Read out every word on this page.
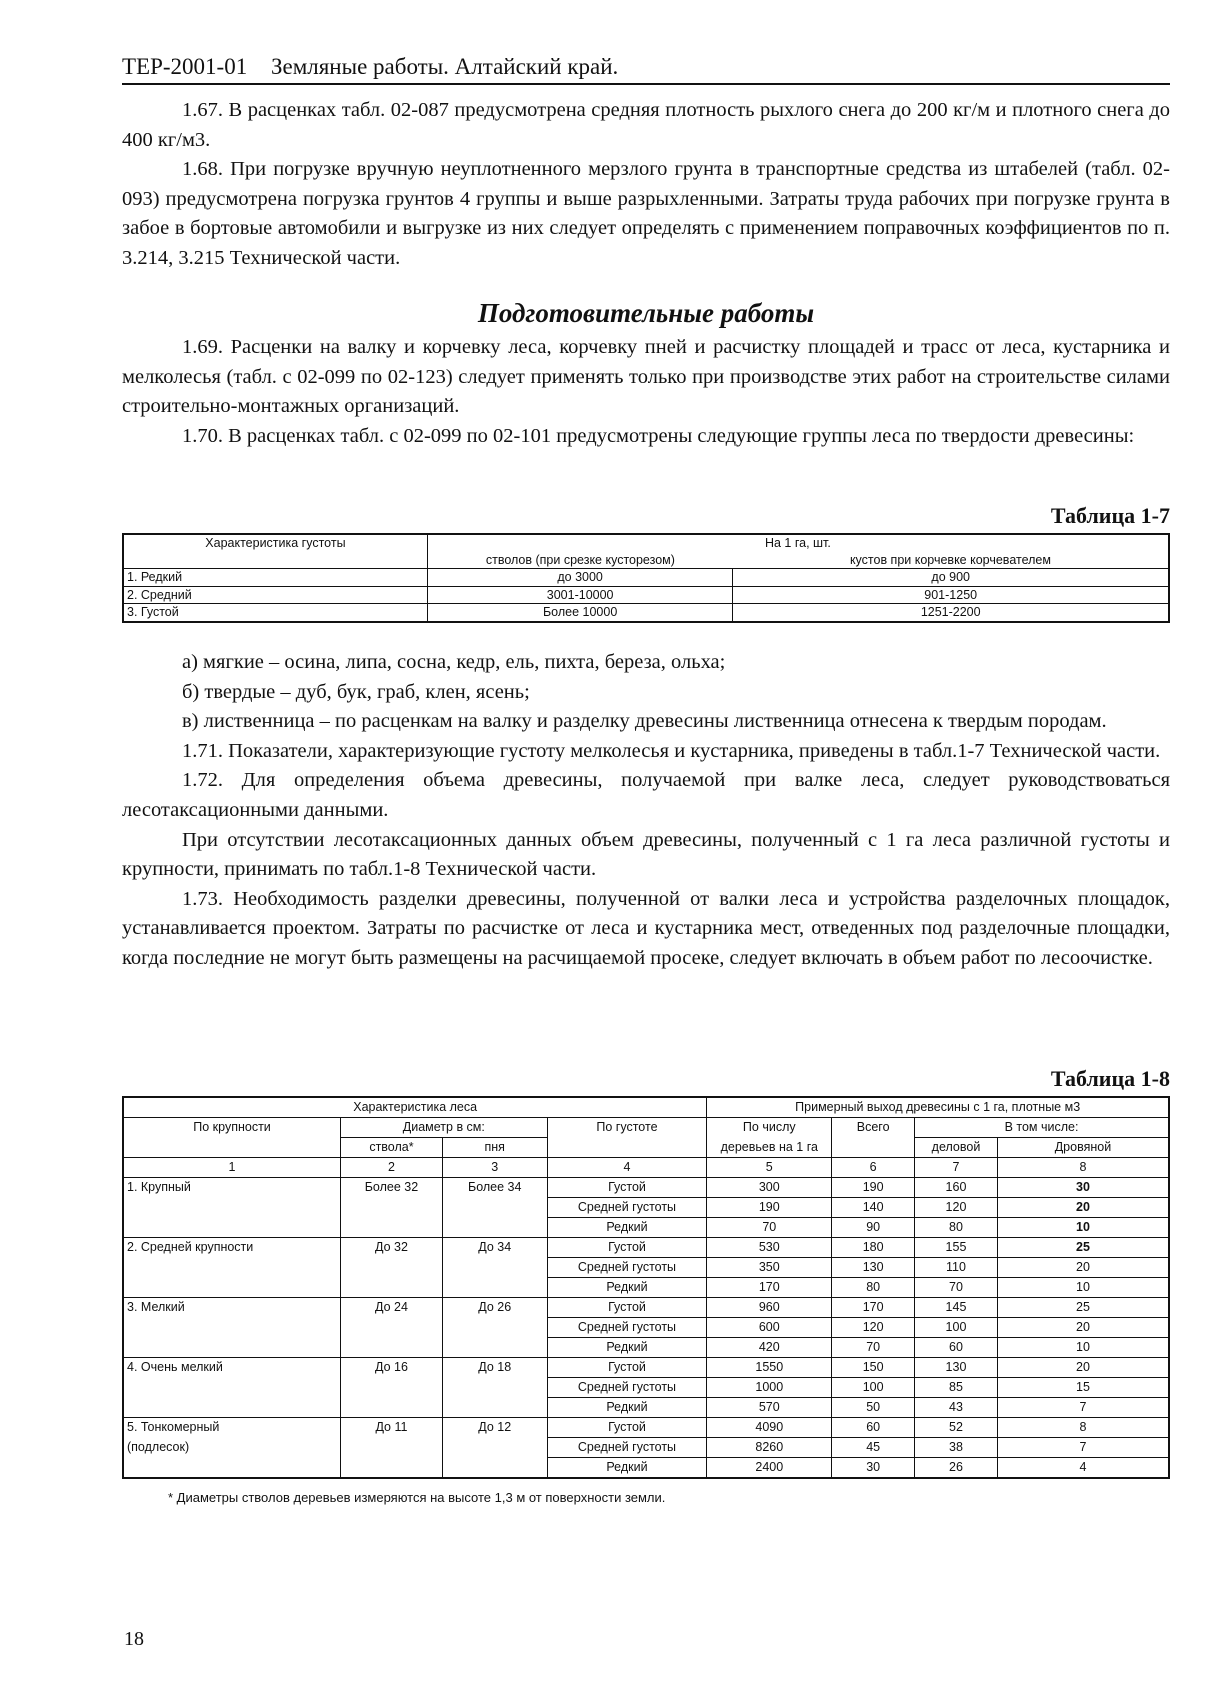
ТЕР-2001-01 Земляные работы. Алтайский край.

1.67. В расценках табл. 02-087 предусмотрена средняя плотность рыхлого снега до 200 кг/м и плотного снега до 400 кг/м3.

1.68. При погрузке вручную неуплотненного мерзлого грунта в транспортные средства из штабелей (табл. 02-093) предусмотрена погрузка грунтов 4 группы и выше разрыхленными. Затраты труда рабочих при погрузке грунта в забое в бортовые автомобили и выгрузке из них следует определять с применением поправочных коэффициентов по п. 3.214, 3.215 Технической части.

Подготовительные работы

1.69. Расценки на валку и корчевку леса, корчевку пней и расчистку площадей и трасс от леса, кустарника и мелколесья (табл. с 02-099 по 02-123) следует применять только при производстве этих работ на строительстве силами строительно-монтажных организаций.

1.70. В расценках табл. с 02-099 по 02-101 предусмотрены следующие группы леса по твердости древесины:

Таблица 1-7
Характеристика густоты	На 1 га, шт.	
	стволов (при срезке кусторезом)	кустов при корчевке корчевателем
1. Редкий	до 3000	до 900
2. Средний	3001-10000	901-1250
3. Густой	Более 10000	1251-2200

а) мягкие – осина, липа, сосна, кедр, ель, пихта, береза, ольха;

б) твердые – дуб, бук, граб, клен, ясень;

в) лиственница – по расценкам на валку и разделку древесины лиственница отнесена к твердым породам.

1.71. Показатели, характеризующие густоту мелколесья и кустарника, приведены в табл.1-7 Технической части.

1.72. Для определения объема древесины, получаемой при валке леса, следует руководствоваться лесотаксационными данными.

При отсутствии лесотаксационных данных объем древесины, полученный с 1 га леса различной густоты и крупности, принимать по табл.1-8 Технической части.

1.73. Необходимость разделки древесины, полученной от валки леса и устройства разделочных площадок, устанавливается проектом. Затраты по расчистке от леса и кустарника мест, отведенных под разделочные площадки, когда последние не могут быть размещены на расчищаемой просеке, следует включать в объем работ по лесоочистке.

Таблица 1-8
Характеристика леса				Примерный выход древесины с 1 га, плотные м3			
По крупности	Диаметр в см:		По густоте	По числу	Всего	В том числе:	
	ствола*	пня		деревьев на 1 га		деловой	Дровяной
1	2	3	4	5	6	7	8
1. Крупный	Более 32	Более 34	Густой	300	190	160	30
			Средней густоты	190	140	120	20
			Редкий	70	90	80	10
2. Средней крупности	До 32	До 34	Густой	530	180	155	25
			Средней густоты	350	130	110	20
			Редкий	170	80	70	10
3. Мелкий	До 24	До 26	Густой	960	170	145	25
			Средней густоты	600	120	100	20
			Редкий	420	70	60	10
4. Очень мелкий	До 16	До 18	Густой	1550	150	130	20
			Средней густоты	1000	100	85	15
			Редкий	570	50	43	7
5. Тонкомерный	До 11	До 12	Густой	4090	60	52	8
(подлесок)			Средней густоты	8260	45	38	7
			Редкий	2400	30	26	4
* Диаметры стволов деревьев измеряются на высоте 1,3 м от поверхности земли.
18
